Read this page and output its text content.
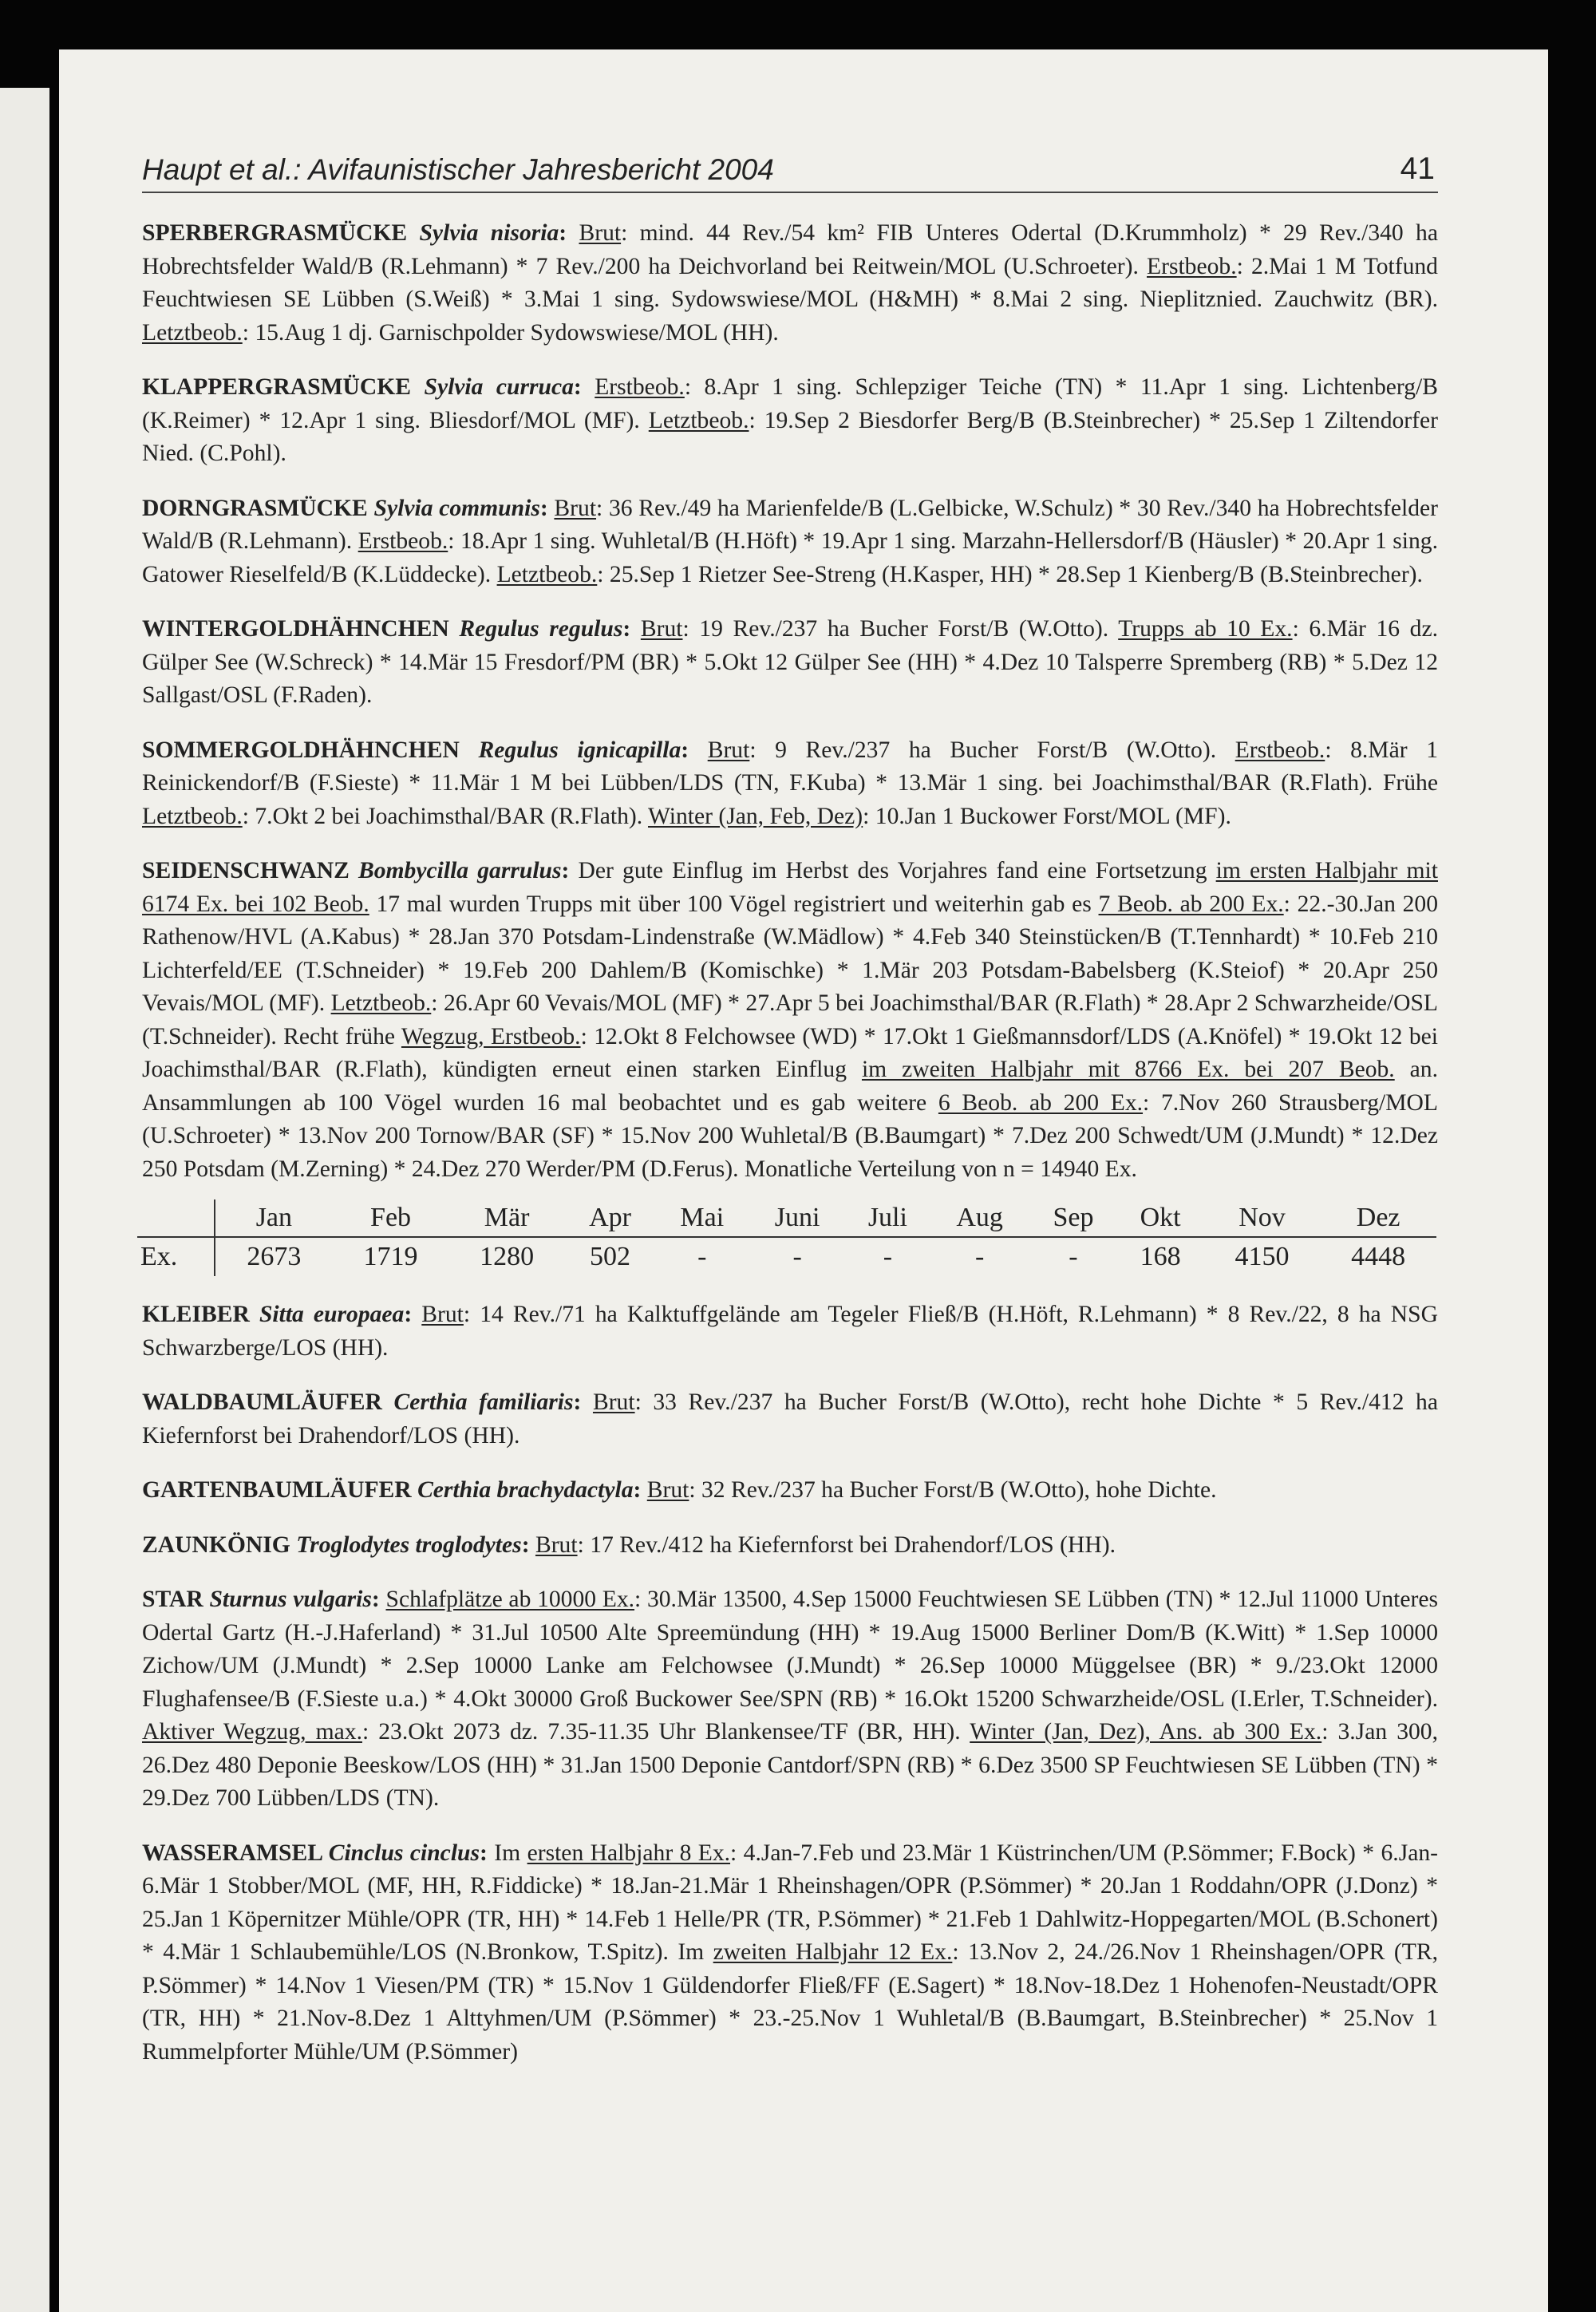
Haupt et al.: Avifaunistischer Jahresbericht 2004	41

SPERBERGRASMÜCKE Sylvia nisoria: Brut: mind. 44 Rev./54 km² FIB Unteres Odertal (D.Krummholz) * 29 Rev./340 ha Hobrechtsfelder Wald/B (R.Lehmann) * 7 Rev./200 ha Deichvorland bei Reitwein/MOL (U.Schroeter). Erstbeob.: 2.Mai 1 M Totfund Feuchtwiesen SE Lübben (S.Weiß) * 3.Mai 1 sing. Sydowswiese/MOL (H&MH) * 8.Mai 2 sing. Nieplitznied. Zauchwitz (BR). Letztbeob.: 15.Aug 1 dj. Garnischpolder Sydowswiese/MOL (HH).

KLAPPERGRASMÜCKE Sylvia curruca: Erstbeob.: 8.Apr 1 sing. Schlepziger Teiche (TN) * 11.Apr 1 sing. Lichtenberg/B (K.Reimer) * 12.Apr 1 sing. Bliesdorf/MOL (MF). Letztbeob.: 19.Sep 2 Biesdorfer Berg/B (B.Steinbrecher) * 25.Sep 1 Ziltendorfer Nied. (C.Pohl).

DORNGRASMÜCKE Sylvia communis: Brut: 36 Rev./49 ha Marienfelde/B (L.Gelbicke, W.Schulz) * 30 Rev./340 ha Hobrechtsfelder Wald/B (R.Lehmann). Erstbeob.: 18.Apr 1 sing. Wuhletal/B (H.Höft) * 19.Apr 1 sing. Marzahn-Hellersdorf/B (Häusler) * 20.Apr 1 sing. Gatower Rieselfeld/B (K.Lüddecke). Letztbeob.: 25.Sep 1 Rietzer See-Streng (H.Kasper, HH) * 28.Sep 1 Kienberg/B (B.Steinbrecher).

WINTERGOLDHÄHNCHEN Regulus regulus: Brut: 19 Rev./237 ha Bucher Forst/B (W.Otto). Trupps ab 10 Ex.: 6.Mär 16 dz. Gülper See (W.Schreck) * 14.Mär 15 Fresdorf/PM (BR) * 5.Okt 12 Gülper See (HH) * 4.Dez 10 Talsperre Spremberg (RB) * 5.Dez 12 Sallgast/OSL (F.Raden).

SOMMERGOLDHÄHNCHEN Regulus ignicapilla: Brut: 9 Rev./237 ha Bucher Forst/B (W.Otto). Erstbeob.: 8.Mär 1 Reinickendorf/B (F.Sieste) * 11.Mär 1 M bei Lübben/LDS (TN, F.Kuba) * 13.Mär 1 sing. bei Joachimsthal/BAR (R.Flath). Frühe Letztbeob.: 7.Okt 2 bei Joachimsthal/BAR (R.Flath). Winter (Jan, Feb, Dez): 10.Jan 1 Buckower Forst/MOL (MF).

SEIDENSCHWANZ Bombycilla garrulus: Der gute Einflug im Herbst des Vorjahres fand eine Fortsetzung im ersten Halbjahr mit 6174 Ex. bei 102 Beob. 17 mal wurden Trupps mit über 100 Vögel registriert und weiterhin gab es 7 Beob. ab 200 Ex.: 22.-30.Jan 200 Rathenow/HVL (A.Kabus) * 28.Jan 370 Potsdam-Lindenstraße (W.Mädlow) * 4.Feb 340 Steinstücken/B (T.Tennhardt) * 10.Feb 210 Lichterfeld/EE (T.Schneider) * 19.Feb 200 Dahlem/B (Komischke) * 1.Mär 203 Potsdam-Babelsberg (K.Steiof) * 20.Apr 250 Vevais/MOL (MF). Letztbeob.: 26.Apr 60 Vevais/MOL (MF) * 27.Apr 5 bei Joachimsthal/BAR (R.Flath) * 28.Apr 2 Schwarzheide/OSL (T.Schneider). Recht frühe Wegzug, Erstbeob.: 12.Okt 8 Felchowsee (WD) * 17.Okt 1 Gießmannsdorf/LDS (A.Knöfel) * 19.Okt 12 bei Joachimsthal/BAR (R.Flath), kündigten erneut einen starken Einflug im zweiten Halbjahr mit 8766 Ex. bei 207 Beob. an. Ansammlungen ab 100 Vögel wurden 16 mal beobachtet und es gab weitere 6 Beob. ab 200 Ex.: 7.Nov 260 Strausberg/MOL (U.Schroeter) * 13.Nov 200 Tornow/BAR (SF) * 15.Nov 200 Wuhletal/B (B.Baumgart) * 7.Dez 200 Schwedt/UM (J.Mundt) * 12.Dez 250 Potsdam (M.Zerning) * 24.Dez 270 Werder/PM (D.Ferus). Monatliche Verteilung von n = 14940 Ex.

	Jan	Feb	Mär	Apr	Mai	Juni	Juli	Aug	Sep	Okt	Nov	Dez
Ex.	2673	1719	1280	502	-	-	-	-	-	168	4150	4448

KLEIBER Sitta europaea: Brut: 14 Rev./71 ha Kalktuffgelände am Tegeler Fließ/B (H.Höft, R.Lehmann) * 8 Rev./22, 8 ha NSG Schwarzberge/LOS (HH).

WALDBAUMLÄUFER Certhia familiaris: Brut: 33 Rev./237 ha Bucher Forst/B (W.Otto), recht hohe Dichte * 5 Rev./412 ha Kiefernforst bei Drahendorf/LOS (HH).

GARTENBAUMLÄUFER Certhia brachydactyla: Brut: 32 Rev./237 ha Bucher Forst/B (W.Otto), hohe Dichte.

ZAUNKÖNIG Troglodytes troglodytes: Brut: 17 Rev./412 ha Kiefernforst bei Drahendorf/LOS (HH).

STAR Sturnus vulgaris: Schlafplätze ab 10000 Ex.: 30.Mär 13500, 4.Sep 15000 Feuchtwiesen SE Lübben (TN) * 12.Jul 11000 Unteres Odertal Gartz (H.-J.Haferland) * 31.Jul 10500 Alte Spreemündung (HH) * 19.Aug 15000 Berliner Dom/B (K.Witt) * 1.Sep 10000 Zichow/UM (J.Mundt) * 2.Sep 10000 Lanke am Felchowsee (J.Mundt) * 26.Sep 10000 Müggelsee (BR) * 9./23.Okt 12000 Flughafensee/B (F.Sieste u.a.) * 4.Okt 30000 Groß Buckower See/SPN (RB) * 16.Okt 15200 Schwarzheide/OSL (I.Erler, T.Schneider). Aktiver Wegzug, max.: 23.Okt 2073 dz. 7.35-11.35 Uhr Blankensee/TF (BR, HH). Winter (Jan, Dez), Ans. ab 300 Ex.: 3.Jan 300, 26.Dez 480 Deponie Beeskow/LOS (HH) * 31.Jan 1500 Deponie Cantdorf/SPN (RB) * 6.Dez 3500 SP Feuchtwiesen SE Lübben (TN) * 29.Dez 700 Lübben/LDS (TN).

WASSERAMSEL Cinclus cinclus: Im ersten Halbjahr 8 Ex.: 4.Jan-7.Feb und 23.Mär 1 Küstrinchen/UM (P.Sömmer; F.Bock) * 6.Jan-6.Mär 1 Stobber/MOL (MF, HH, R.Fiddicke) * 18.Jan-21.Mär 1 Rheinshagen/OPR (P.Sömmer) * 20.Jan 1 Roddahn/OPR (J.Donz) * 25.Jan 1 Köpernitzer Mühle/OPR (TR, HH) * 14.Feb 1 Helle/PR (TR, P.Sömmer) * 21.Feb 1 Dahlwitz-Hoppegarten/MOL (B.Schonert) * 4.Mär 1 Schlaubemühle/LOS (N.Bronkow, T.Spitz). Im zweiten Halbjahr 12 Ex.: 13.Nov 2, 24./26.Nov 1 Rheinshagen/OPR (TR, P.Sömmer) * 14.Nov 1 Viesen/PM (TR) * 15.Nov 1 Güldendorfer Fließ/FF (E.Sagert) * 18.Nov-18.Dez 1 Hohenofen-Neustadt/OPR (TR, HH) * 21.Nov-8.Dez 1 Alttyhmen/UM (P.Sömmer) * 23.-25.Nov 1 Wuhletal/B (B.Baumgart, B.Steinbrecher) * 25.Nov 1 Rummelpforter Mühle/UM (P.Sömmer)
